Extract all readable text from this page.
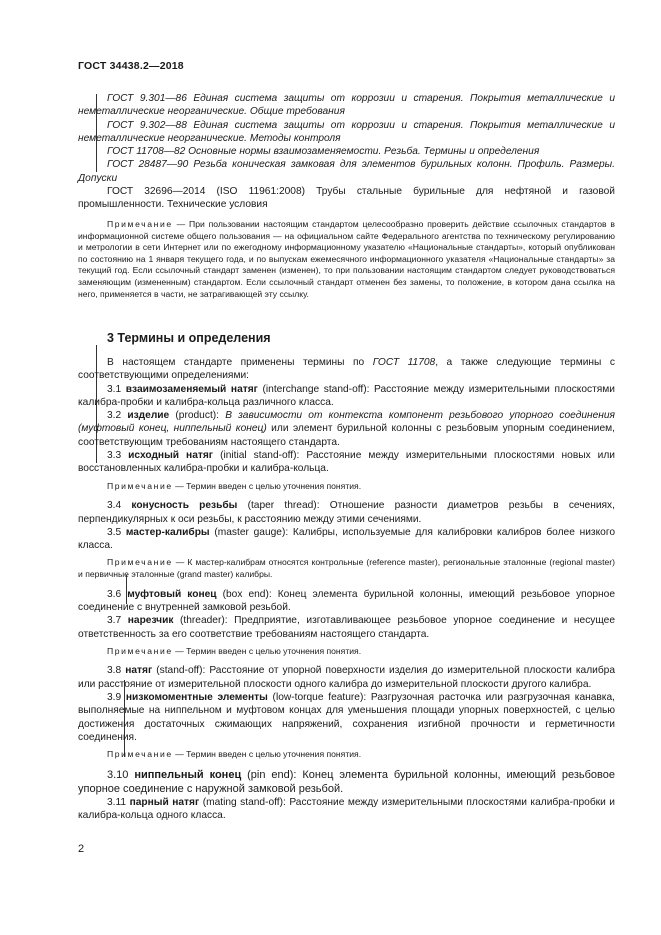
ГОСТ 34438.2—2018

ГОСТ 9.301—86 Единая система защиты от коррозии и старения. Покрытия металлические и неметаллические неорганические. Общие требования

ГОСТ 9.302—88 Единая система защиты от коррозии и старения. Покрытия металлические и неметаллические неорганические. Методы контроля

ГОСТ 11708—82 Основные нормы взаимозаменяемости. Резьба. Термины и определения

ГОСТ 28487—90 Резьба коническая замковая для элементов бурильных колонн. Профиль. Размеры. Допуски

ГОСТ 32696—2014 (ISO 11961:2008) Трубы стальные бурильные для нефтяной и газовой промышленности. Технические условия

Примечание — При пользовании настоящим стандартом целесообразно проверить действие ссылочных стандартов в информационной системе общего пользования — на официальном сайте Федерального агентства по техническому регулированию и метрологии в сети Интернет или по ежегодному информационному указателю «Национальные стандарты», который опубликован по состоянию на 1 января текущего года, и по выпускам ежемесячного информационного указателя «Национальные стандарты» за текущий год. Если ссылочный стандарт заменен (изменен), то при пользовании настоящим стандартом следует руководствоваться заменяющим (измененным) стандартом. Если ссылочный стандарт отменен без замены, то положение, в котором дана ссылка на него, применяется в части, не затрагивающей эту ссылку.

3 Термины и определения

В настоящем стандарте применены термины по ГОСТ 11708, а также следующие термины с соответствующими определениями:

3.1 взаимозаменяемый натяг (interchange stand-off): Расстояние между измерительными плоскостями калибра-пробки и калибра-кольца различного класса.

3.2 изделие (product): В зависимости от контекста компонент резьбового упорного соединения (муфтовый конец, ниппельный конец) или элемент бурильной колонны с резьбовым упорным соединением, соответствующим требованиям настоящего стандарта.

3.3 исходный натяг (initial stand-off): Расстояние между измерительными плоскостями новых или восстановленных калибра-пробки и калибра-кольца.

Примечание — Термин введен с целью уточнения понятия.

3.4 конусность резьбы (taper thread): Отношение разности диаметров резьбы в сечениях, перпендикулярных к оси резьбы, к расстоянию между этими сечениями.

3.5 мастер-калибры (master gauge): Калибры, используемые для калибровки калибров более низкого класса.

Примечание — К мастер-калибрам относятся контрольные (reference master), региональные эталонные (regional master) и первичные эталонные (grand master) калибры.

3.6 муфтовый конец (box end): Конец элемента бурильной колонны, имеющий резьбовое упорное соединение с внутренней замковой резьбой.

3.7 нарезчик (threader): Предприятие, изготавливающее резьбовое упорное соединение и несущее ответственность за его соответствие требованиям настоящего стандарта.

Примечание — Термин введен с целью уточнения понятия.

3.8 натяг (stand-off): Расстояние от упорной поверхности изделия до измерительной плоскости калибра или расстояние от измерительной плоскости одного калибра до измерительной плоскости другого калибра.

3.9 низкомоментные элементы (low-torque feature): Разгрузочная расточка или разгрузочная канавка, выполняемые на ниппельном и муфтовом концах для уменьшения площади упорных поверхностей, с целью достижения достаточных сжимающих напряжений, сохранения изгибной прочности и герметичности соединения.

Примечание — Термин введен с целью уточнения понятия.

3.10 ниппельный конец (pin end): Конец элемента бурильной колонны, имеющий резьбовое упорное соединение с наружной замковой резьбой.

3.11 парный натяг (mating stand-off): Расстояние между измерительными плоскостями калибра-пробки и калибра-кольца одного класса.

2
